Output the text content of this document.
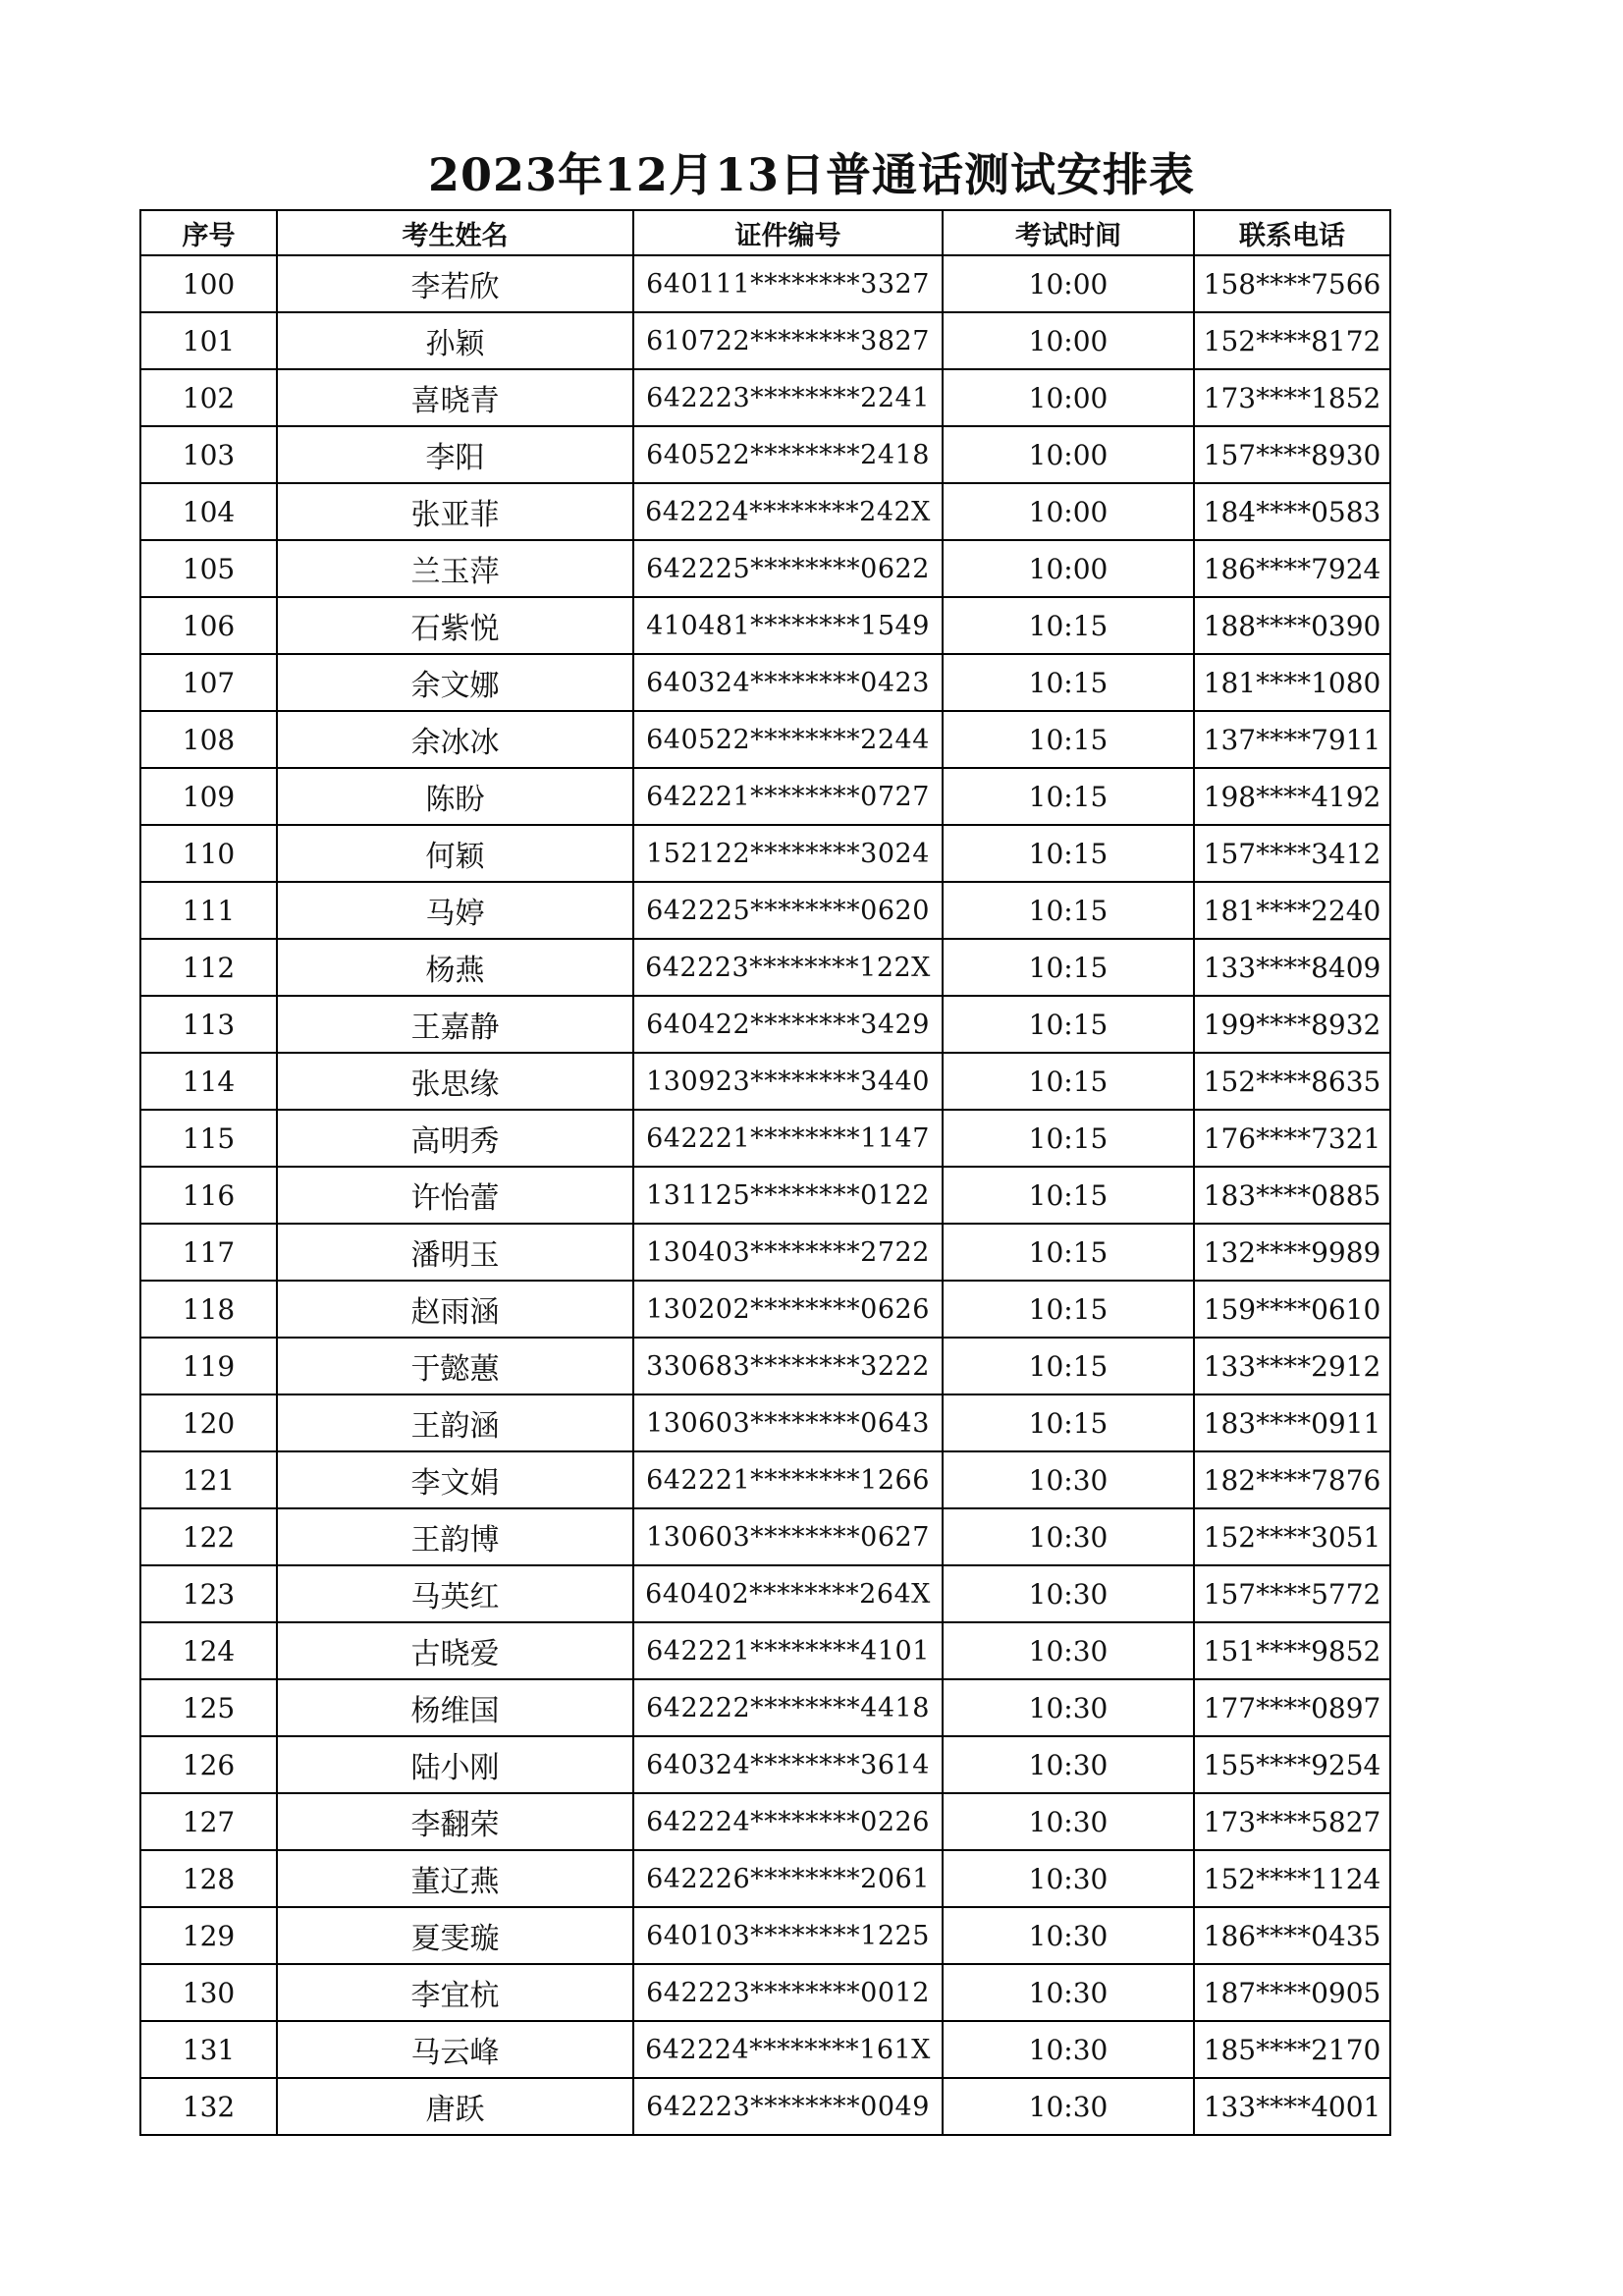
2023年12月13日普通话测试安排表
序号	考生姓名	证件编号	考试时间	联系电话
100	李若欣	640111********3327	10:00	158****7566
101	孙颖	610722********3827	10:00	152****8172
102	喜晓青	642223********2241	10:00	173****1852
103	李阳	640522********2418	10:00	157****8930
104	张亚菲	642224********242X	10:00	184****0583
105	兰玉萍	642225********0622	10:00	186****7924
106	石紫悦	410481********1549	10:15	188****0390
107	余文娜	640324********0423	10:15	181****1080
108	余冰冰	640522********2244	10:15	137****7911
109	陈盼	642221********0727	10:15	198****4192
110	何颖	152122********3024	10:15	157****3412
111	马婷	642225********0620	10:15	181****2240
112	杨燕	642223********122X	10:15	133****8409
113	王嘉静	640422********3429	10:15	199****8932
114	张思缘	130923********3440	10:15	152****8635
115	高明秀	642221********1147	10:15	176****7321
116	许怡蕾	131125********0122	10:15	183****0885
117	潘明玉	130403********2722	10:15	132****9989
118	赵雨涵	130202********0626	10:15	159****0610
119	于懿蕙	330683********3222	10:15	133****2912
120	王韵涵	130603********0643	10:15	183****0911
121	李文娟	642221********1266	10:30	182****7876
122	王韵博	130603********0627	10:30	152****3051
123	马英红	640402********264X	10:30	157****5772
124	古晓爱	642221********4101	10:30	151****9852
125	杨维国	642222********4418	10:30	177****0897
126	陆小刚	640324********3614	10:30	155****9254
127	李翻荣	642224********0226	10:30	173****5827
128	董辽燕	642226********2061	10:30	152****1124
129	夏雯璇	640103********1225	10:30	186****0435
130	李宜杭	642223********0012	10:30	187****0905
131	马云峰	642224********161X	10:30	185****2170
132	唐跃	642223********0049	10:30	133****4001
